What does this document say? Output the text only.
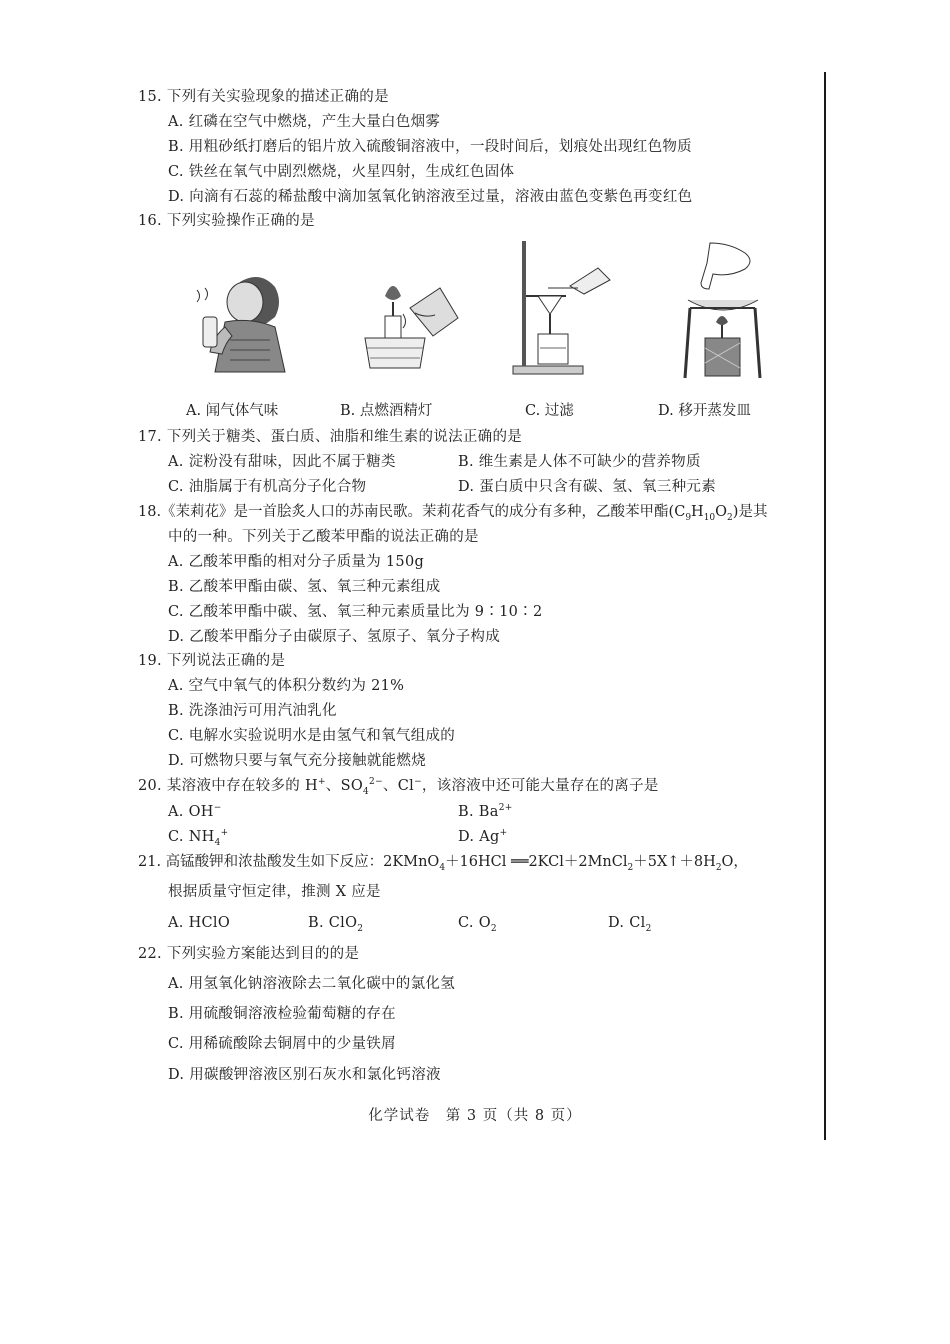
15. 下列有关实验现象的描述正确的是
A. 红磷在空气中燃烧，产生大量白色烟雾
B. 用粗砂纸打磨后的铝片放入硫酸铜溶液中，一段时间后，划痕处出现红色物质
C. 铁丝在氧气中剧烈燃烧，火星四射，生成红色固体
D. 向滴有石蕊的稀盐酸中滴加氢氧化钠溶液至过量，溶液由蓝色变紫色再变红色
16. 下列实验操作正确的是
A. 闻气体气味	B. 点燃酒精灯	C. 过滤	D. 移开蒸发皿
17. 下列关于糖类、蛋白质、油脂和维生素的说法正确的是
A. 淀粉没有甜味，因此不属于糖类	B. 维生素是人体不可缺少的营养物质
C. 油脂属于有机高分子化合物	D. 蛋白质中只含有碳、氢、氧三种元素
18.《茉莉花》是一首脍炙人口的苏南民歌。茉莉花香气的成分有多种，乙酸苯甲酯$(C_9H_{10}O_2)$是其
中的一种。下列关于乙酸苯甲酯的说法正确的是
A. 乙酸苯甲酯的相对分子质量为 150g
B. 乙酸苯甲酯由碳、氢、氧三种元素组成
C. 乙酸苯甲酯中碳、氢、氧三种元素质量比为 9∶10∶2
D. 乙酸苯甲酯分子由碳原子、氢原子、氧分子构成
19. 下列说法正确的是
A. 空气中氧气的体积分数约为 21%
B. 洗涤油污可用汽油乳化
C. 电解水实验说明水是由氢气和氧气组成的
D. 可燃物只要与氧气充分接触就能燃烧
20. 某溶液中存在较多的 H+、$SO_4^{2-}$、Cl−，该溶液中还可能大量存在的离子是
A. OH−	B. $Ba^{2+}$
C. $NH_4^+$	D. Ag+
21. 高锰酸钾和浓盐酸发生如下反应：2KMnO$_4$＋16HCl $══2KCl+2MnCl_2+5X↑+8H_2O$，
根据质量守恒定律，推测 X 应是
A. HClO	B. ClO$_2$	C. $O_2$	D. $Cl_2$
22. 下列实验方案能达到目的的是
A. 用氢氧化钠溶液除去二氧化碳中的氯化氢
B. 用硫酸铜溶液检验葡萄糖的存在
C. 用稀硫酸除去铜屑中的少量铁屑
D. 用碳酸钾溶液区别石灰水和氯化钙溶液
化学试卷　第 3 页（共 8 页）
